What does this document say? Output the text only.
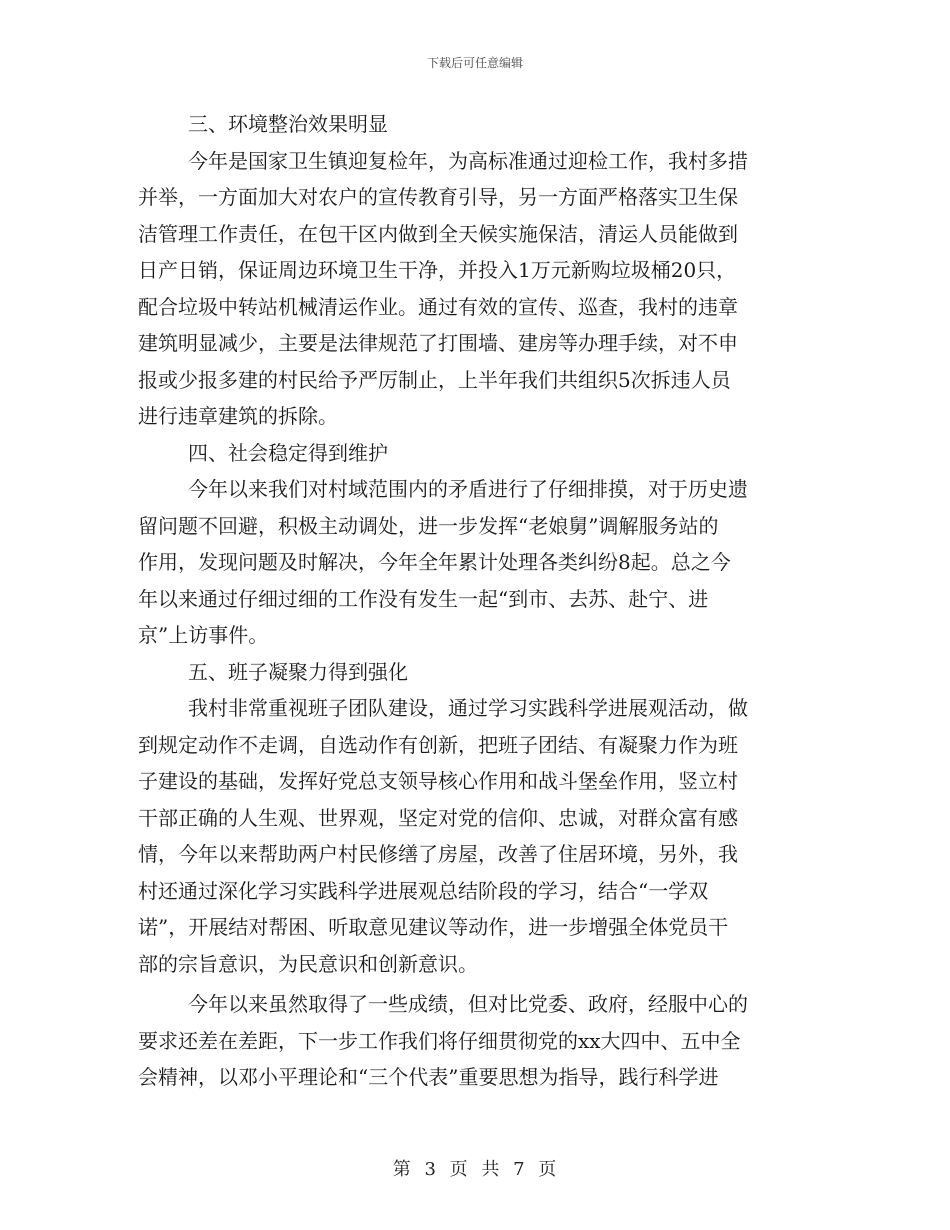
下载后可任意编辑
三、环境整治效果明显
今年是国家卫生镇迎复检年，为高标准通过迎检工作，我村多措
并举，一方面加大对农户的宣传教育引导，另一方面严格落实卫生保
洁管理工作责任，在包干区内做到全天候实施保洁，清运人员能做到
日产日销，保证周边环境卫生干净，并投入1万元新购垃圾桶20只，
配合垃圾中转站机械清运作业。通过有效的宣传、巡查，我村的违章
建筑明显减少，主要是法律规范了打围墙、建房等办理手续，对不申
报或少报多建的村民给予严厉制止，上半年我们共组织5次拆违人员
进行违章建筑的拆除。
四、社会稳定得到维护
今年以来我们对村域范围内的矛盾进行了仔细排摸，对于历史遗
留问题不回避，积极主动调处，进一步发挥“老娘舅”调解服务站的
作用，发现问题及时解决，今年全年累计处理各类纠纷8起。总之今
年以来通过仔细过细的工作没有发生一起“到市、去苏、赴宁、进
京”上访事件。
五、班子凝聚力得到强化
我村非常重视班子团队建设，通过学习实践科学进展观活动，做
到规定动作不走调，自选动作有创新，把班子团结、有凝聚力作为班
子建设的基础，发挥好党总支领导核心作用和战斗堡垒作用，竖立村
干部正确的人生观、世界观，坚定对党的信仰、忠诚，对群众富有感
情，今年以来帮助两户村民修缮了房屋，改善了住居环境，另外，我
村还通过深化学习实践科学进展观总结阶段的学习，结合“一学双
诺”，开展结对帮困、听取意见建议等动作，进一步增强全体党员干
部的宗旨意识，为民意识和创新意识。
今年以来虽然取得了一些成绩，但对比党委、政府，经服中心的
要求还差在差距，下一步工作我们将仔细贯彻党的xx大四中、五中全
会精神，以邓小平理论和“三个代表”重要思想为指导，践行科学进
第 3 页 共 7 页
